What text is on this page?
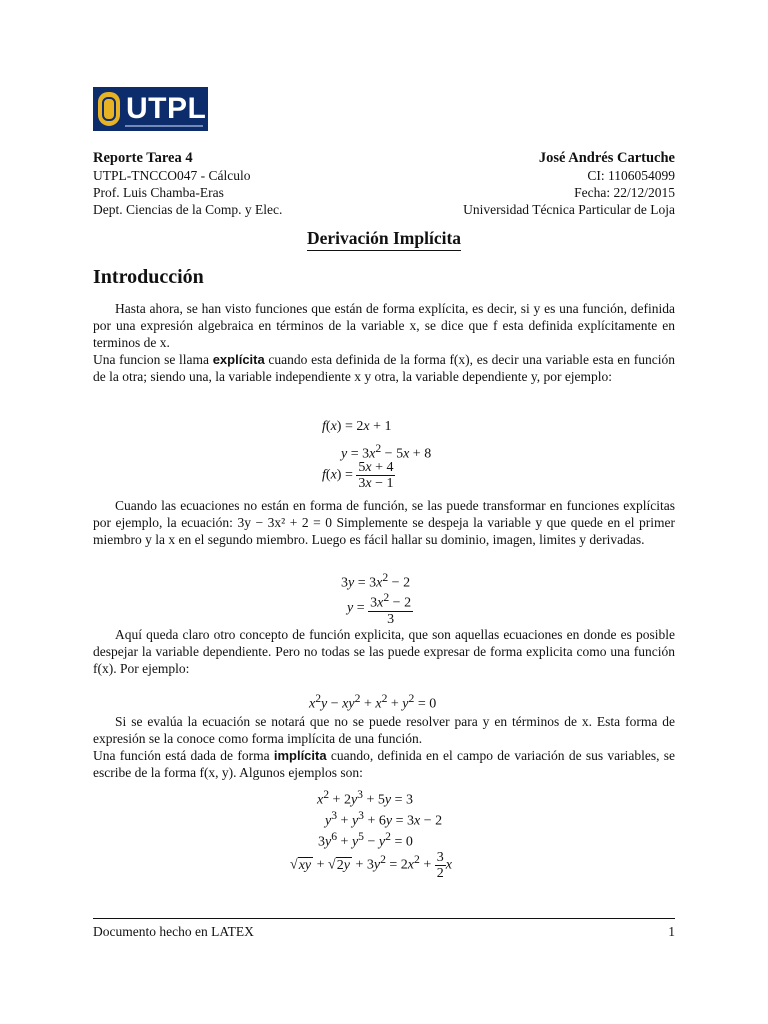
UTPL
Reporte Tarea 4	José Andrés Cartuche
UTPL-TNCCO047 - Cálculo	CI: 1106054099
Prof. Luis Chamba-Eras	Fecha: 22/12/2015
Dept. Ciencias de la Comp. y Elec.	Universidad Técnica Particular de Loja
Derivación Implícita
Introducción

Hasta ahora, se han visto funciones que están de forma explícita, es decir, si y es una función, definida por una expresión algebraica en términos de la variable x, se dice que f esta definida explícitamente en terminos de x.

Una funcion se llama explícita cuando esta definida de la forma f(x), es decir una variable esta en función de la otra; siendo una, la variable independiente x y otra, la variable dependiente y, por ejemplo:

f(x) = 2x + 1
$y = 3x^2 - 5x + 8$
$f(x) = \frac{5x + 4}{3x - 1}$

Cuando las ecuaciones no están en forma de función, se las puede transformar en funciones explícitas por ejemplo, la ecuación: 3y − 3x² + 2 = 0 Simplemente se despeja la variable y que quede en el primer miembro y la x en el segundo miembro. Luego es fácil hallar su dominio, imagen, limites y derivadas.

$3y = 3x^2 - 2$
$y = \frac{3x^2 - 2}{3}$

Aquí queda claro otro concepto de función explicita, que son aquellas ecuaciones en donde es posible despejar la variable dependiente. Pero no todas se las puede expresar de forma explicita como una función f(x). Por ejemplo:

$x^2y - xy^2 + x^2 + y^2 = 0$

Si se evalúa la ecuación se notará que no se puede resolver para y en términos de x. Esta forma de expresión se la conoce como forma implícita de una función.

Una función está dada de forma implícita cuando, definida en el campo de variación de sus variables, se escribe de la forma f(x, y). Algunos ejemplos son:

$x^2 + 2y^3 + 5y = 3$
$y^3 + y^3 + 6y = 3x - 2$
$3y^6 + y^5 - y^2 = 0$
$√xy + √2y + 3y^2 = 2x^2 + \frac{3}{2}$ x
Documento hecho en LATEX	1
